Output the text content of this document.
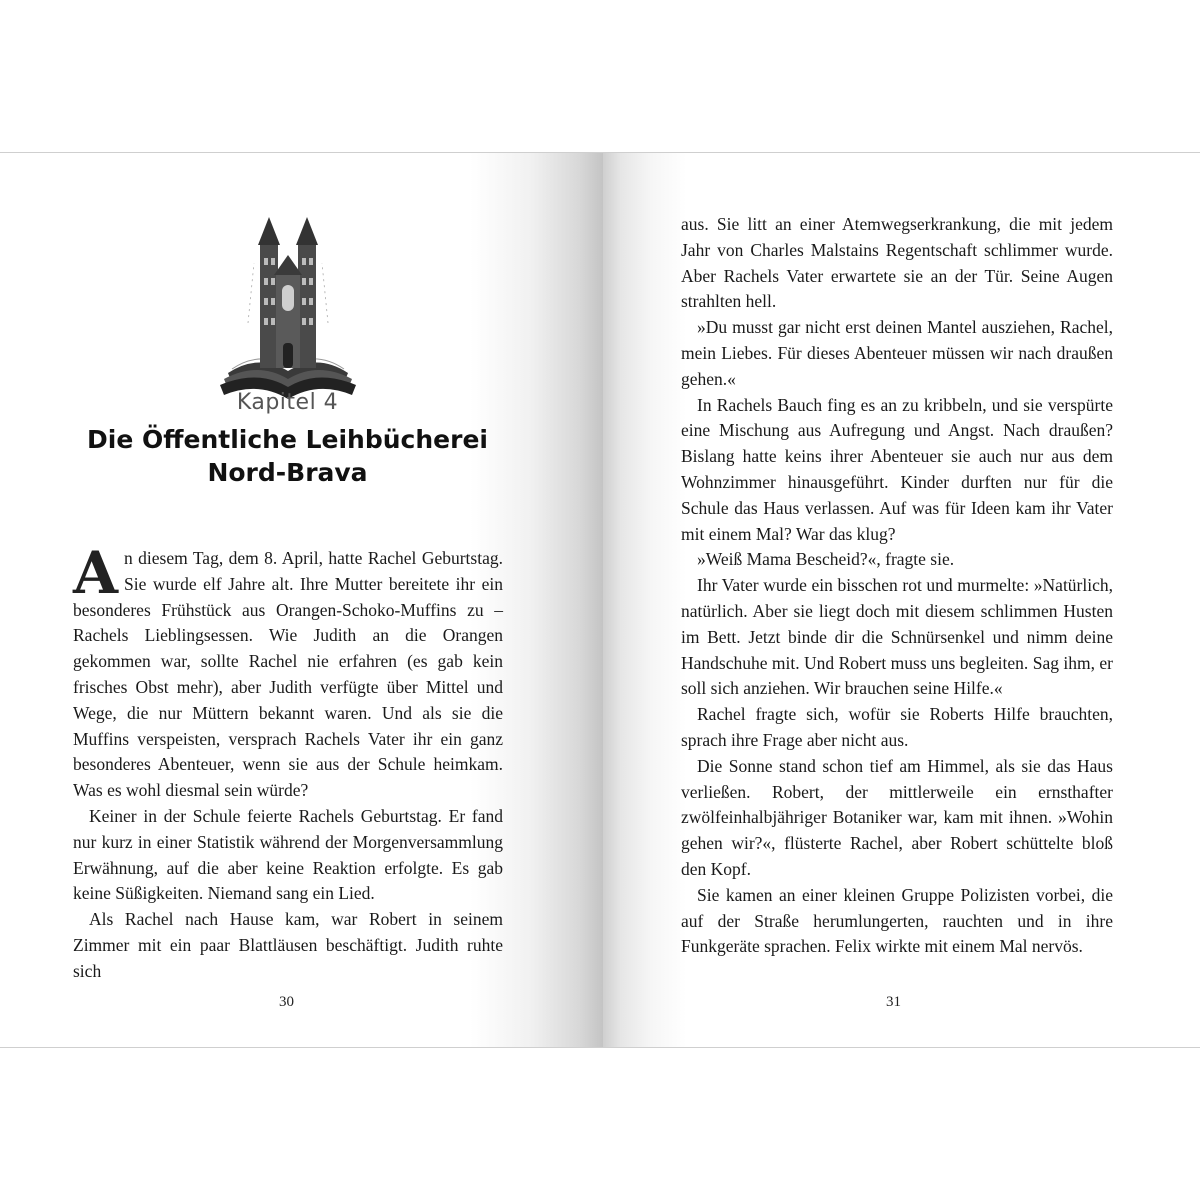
Kapitel 4
Die Öffentliche Leihbücherei
Nord-Brava

An diesem Tag, dem 8. April, hatte Rachel Geburtstag. Sie wurde elf Jahre alt. Ihre Mutter bereitete ihr ein besonderes Frühstück aus Orangen-Schoko-Muffins zu – Rachels Lieblingsessen. Wie Judith an die Orangen gekommen war, sollte Rachel nie erfahren (es gab kein frisches Obst mehr), aber Judith verfügte über Mittel und Wege, die nur Müttern bekannt waren. Und als sie die Muffins verspeisten, versprach Rachels Vater ihr ein ganz besonderes Abenteuer, wenn sie aus der Schule heimkam. Was es wohl diesmal sein würde?

Keiner in der Schule feierte Rachels Geburtstag. Er fand nur kurz in einer Statistik während der Morgenversammlung Erwähnung, auf die aber keine Reaktion erfolgte. Es gab keine Süßigkeiten. Niemand sang ein Lied.

Als Rachel nach Hause kam, war Robert in seinem Zimmer mit ein paar Blattläusen beschäftigt. Judith ruhte sich

30

aus. Sie litt an einer Atemwegserkrankung, die mit jedem Jahr von Charles Malstains Regentschaft schlimmer wurde. Aber Rachels Vater erwartete sie an der Tür. Seine Augen strahlten hell.

»Du musst gar nicht erst deinen Mantel ausziehen, Rachel, mein Liebes. Für dieses Abenteuer müssen wir nach draußen gehen.«

In Rachels Bauch fing es an zu kribbeln, und sie verspürte eine Mischung aus Aufregung und Angst. Nach draußen? Bislang hatte keins ihrer Abenteuer sie auch nur aus dem Wohnzimmer hinausgeführt. Kinder durften nur für die Schule das Haus verlassen. Auf was für Ideen kam ihr Vater mit einem Mal? War das klug?

»Weiß Mama Bescheid?«, fragte sie.

Ihr Vater wurde ein bisschen rot und murmelte: »Natürlich, natürlich. Aber sie liegt doch mit diesem schlimmen Husten im Bett. Jetzt binde dir die Schnürsenkel und nimm deine Handschuhe mit. Und Robert muss uns begleiten. Sag ihm, er soll sich anziehen. Wir brauchen seine Hilfe.«

Rachel fragte sich, wofür sie Roberts Hilfe brauchten, sprach ihre Frage aber nicht aus.

Die Sonne stand schon tief am Himmel, als sie das Haus verließen. Robert, der mittlerweile ein ernsthafter zwölfeinhalbjähriger Botaniker war, kam mit ihnen. »Wohin gehen wir?«, flüsterte Rachel, aber Robert schüttelte bloß den Kopf.

Sie kamen an einer kleinen Gruppe Polizisten vorbei, die auf der Straße herumlungerten, rauchten und in ihre Funkgeräte sprachen. Felix wirkte mit einem Mal nervös.

31
